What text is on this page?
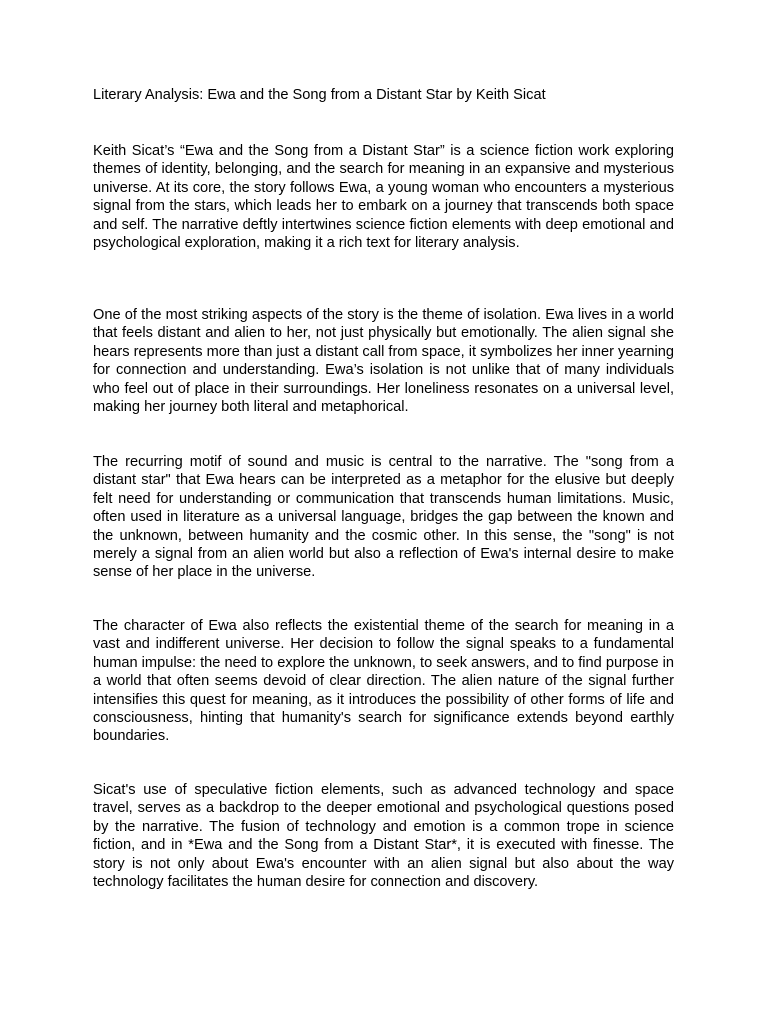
Literary Analysis: Ewa and the Song from a Distant Star by Keith Sicat

Keith Sicat’s “Ewa and the Song from a Distant Star” is a science fiction work exploring themes of identity, belonging, and the search for meaning in an expansive and mysterious universe. At its core, the story follows Ewa, a young woman who encounters a mysterious signal from the stars, which leads her to embark on a journey that transcends both space and self. The narrative deftly intertwines science fiction elements with deep emotional and psychological exploration, making it a rich text for literary analysis.

One of the most striking aspects of the story is the theme of isolation. Ewa lives in a world that feels distant and alien to her, not just physically but emotionally. The alien signal she hears represents more than just a distant call from space, it symbolizes her inner yearning for connection and understanding. Ewa’s isolation is not unlike that of many individuals who feel out of place in their surroundings. Her loneliness resonates on a universal level, making her journey both literal and metaphorical.

The recurring motif of sound and music is central to the narrative. The "song from a distant star" that Ewa hears can be interpreted as a metaphor for the elusive but deeply felt need for understanding or communication that transcends human limitations. Music, often used in literature as a universal language, bridges the gap between the known and the unknown, between humanity and the cosmic other. In this sense, the "song" is not merely a signal from an alien world but also a reflection of Ewa's internal desire to make sense of her place in the universe.

The character of Ewa also reflects the existential theme of the search for meaning in a vast and indifferent universe. Her decision to follow the signal speaks to a fundamental human impulse: the need to explore the unknown, to seek answers, and to find purpose in a world that often seems devoid of clear direction. The alien nature of the signal further intensifies this quest for meaning, as it introduces the possibility of other forms of life and consciousness, hinting that humanity's search for significance extends beyond earthly boundaries.

Sicat's use of speculative fiction elements, such as advanced technology and space travel, serves as a backdrop to the deeper emotional and psychological questions posed by the narrative. The fusion of technology and emotion is a common trope in science fiction, and in *Ewa and the Song from a Distant Star*, it is executed with finesse. The story is not only about Ewa's encounter with an alien signal but also about the way technology facilitates the human desire for connection and discovery.
